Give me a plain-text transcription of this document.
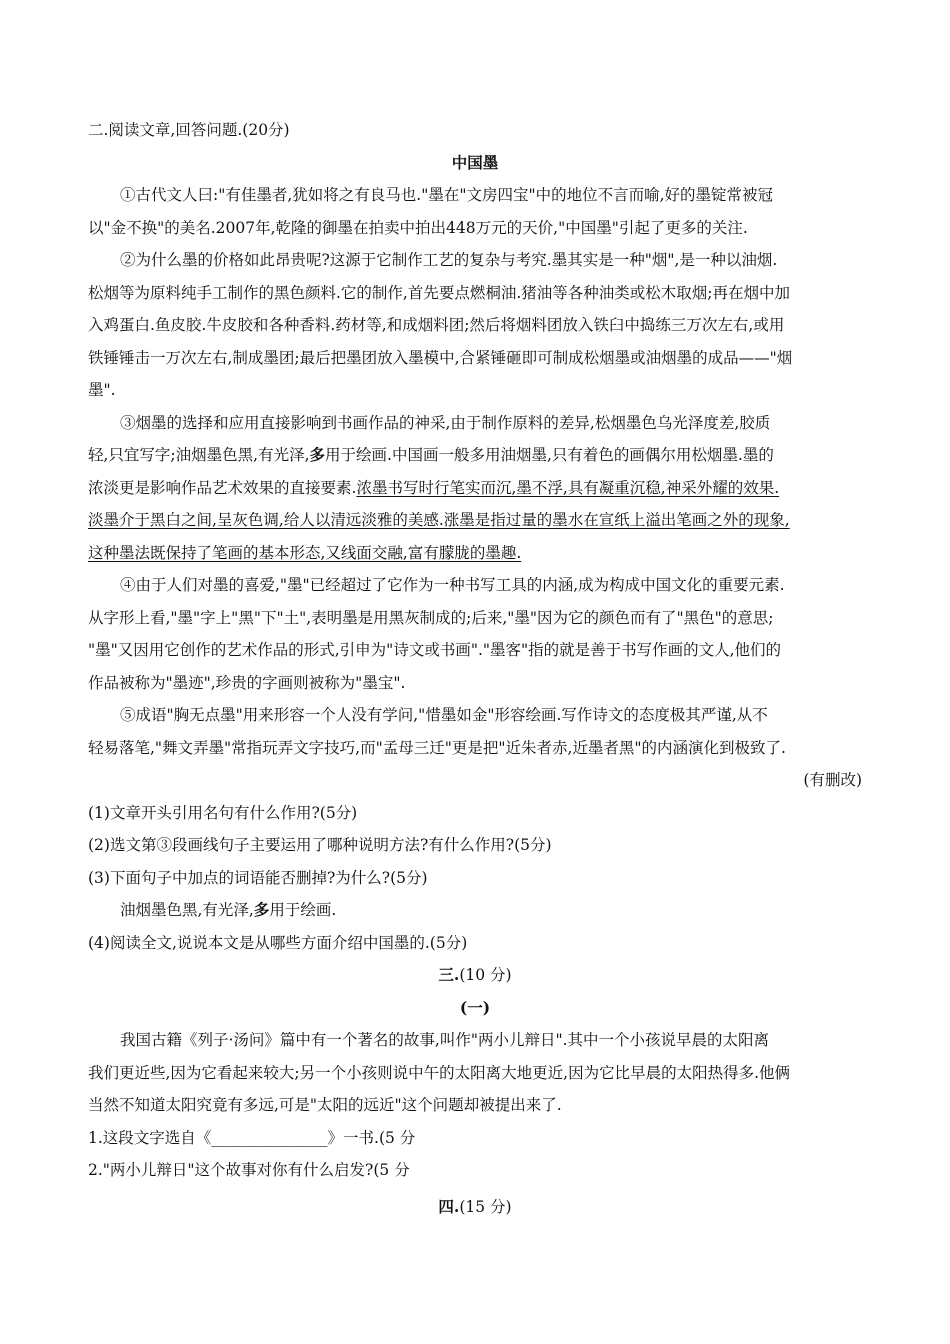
二.阅读文章,回答问题.(20分)
中国墨
①古代文人曰:"有佳墨者,犹如将之有良马也."墨在"文房四宝"中的地位不言而喻,好的墨锭常被冠
以"金不换"的美名.2007年,乾隆的御墨在拍卖中拍出448万元的天价,"中国墨"引起了更多的关注.
②为什么墨的价格如此昂贵呢?这源于它制作工艺的复杂与考究.墨其实是一种"烟",是一种以油烟.
松烟等为原料纯手工制作的黑色颜料.它的制作,首先要点燃桐油.猪油等各种油类或松木取烟;再在烟中加
入鸡蛋白.鱼皮胶.牛皮胶和各种香料.药材等,和成烟料团;然后将烟料团放入铁臼中捣练三万次左右,或用
铁锤锤击一万次左右,制成墨团;最后把墨团放入墨模中,合紧锤砸即可制成松烟墨或油烟墨的成品——"烟
墨".
③烟墨的选择和应用直接影响到书画作品的神采,由于制作原料的差异,松烟墨色乌光泽度差,胶质
轻,只宜写字;油烟墨色黑,有光泽,多用于绘画.中国画一般多用油烟墨,只有着色的画偶尔用松烟墨.墨的
浓淡更是影响作品艺术效果的直接要素.浓墨书写时行笔实而沉,墨不浮,具有凝重沉稳,神采外耀的效果.
淡墨介于黑白之间,呈灰色调,给人以清远淡雅的美感.涨墨是指过量的墨水在宣纸上溢出笔画之外的现象,
这种墨法既保持了笔画的基本形态,又线面交融,富有朦胧的墨趣.
④由于人们对墨的喜爱,"墨"已经超过了它作为一种书写工具的内涵,成为构成中国文化的重要元素.
从字形上看,"墨"字上"黑"下"土",表明墨是用黑灰制成的;后来,"墨"因为它的颜色而有了"黑色"的意思;
"墨"又因用它创作的艺术作品的形式,引申为"诗文或书画"."墨客"指的就是善于书写作画的文人,他们的
作品被称为"墨迹",珍贵的字画则被称为"墨宝".
⑤成语"胸无点墨"用来形容一个人没有学问,"惜墨如金"形容绘画.写作诗文的态度极其严谨,从不
轻易落笔,"舞文弄墨"常指玩弄文字技巧,而"孟母三迁"更是把"近朱者赤,近墨者黑"的内涵演化到极致了.
(有删改)
(1)文章开头引用名句有什么作用?(5分)
(2)选文第③段画线句子主要运用了哪种说明方法?有什么作用?(5分)
(3)下面句子中加点的词语能否删掉?为什么?(5分)
油烟墨色黑,有光泽,多用于绘画.
(4)阅读全文,说说本文是从哪些方面介绍中国墨的.(5分)
三.(10 分)
(一)
我国古籍《列子·汤问》篇中有一个著名的故事,叫作"两小儿辩日".其中一个小孩说早晨的太阳离
我们更近些,因为它看起来较大;另一个小孩则说中午的太阳离大地更近,因为它比早晨的太阳热得多.他俩
当然不知道太阳究竟有多远,可是"太阳的远近"这个问题却被提出来了.
1.这段文字选自《_______________》一书.(5 分
2."两小儿辩日"这个故事对你有什么启发?(5 分
四.(15 分)
